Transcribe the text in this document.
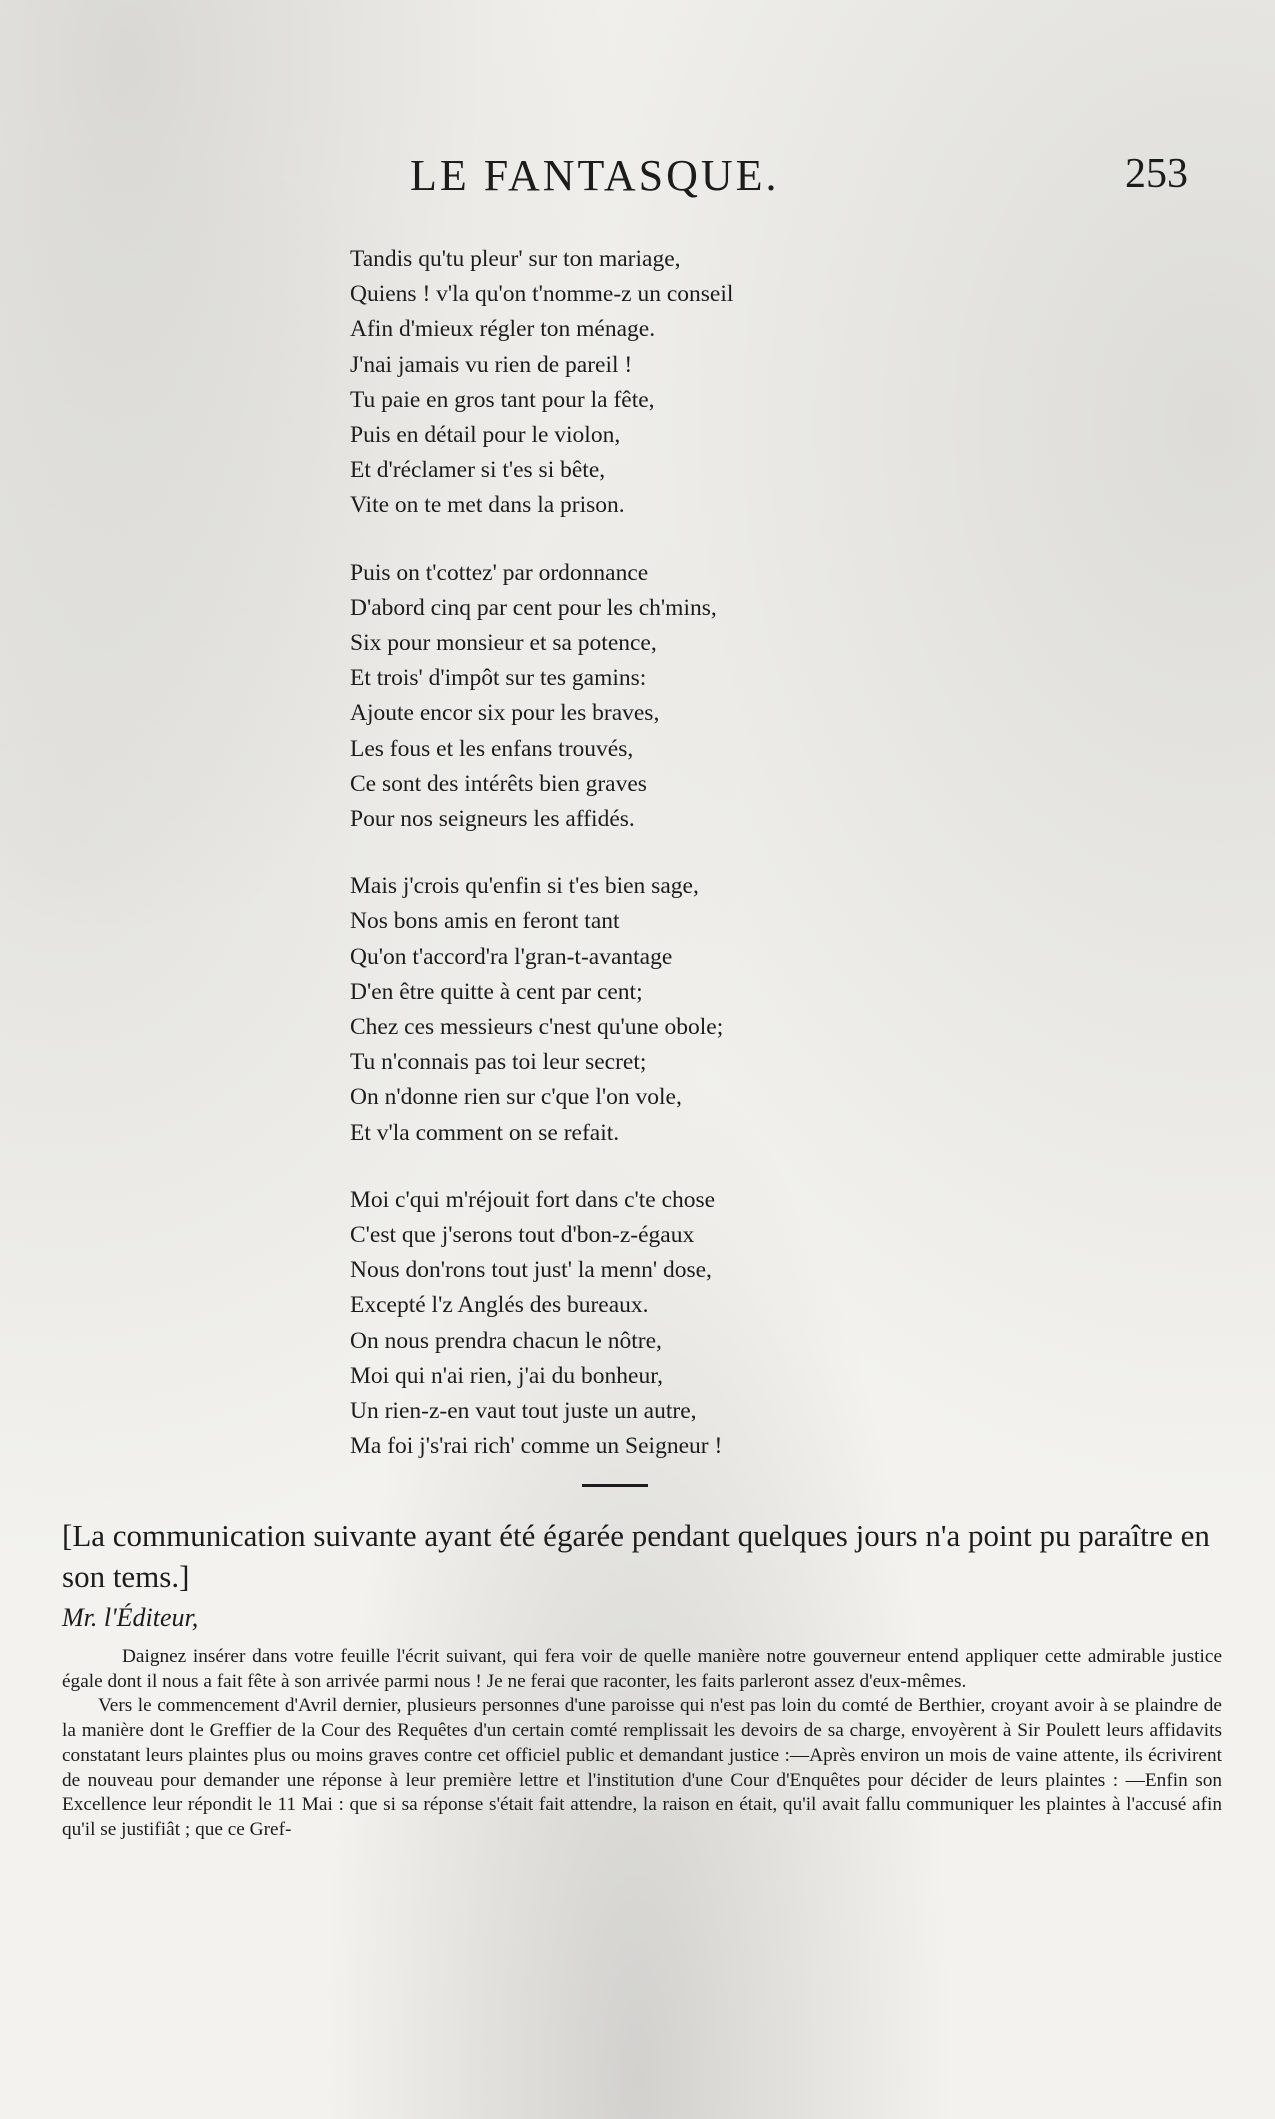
LE FANTASQUE.	253
Tandis qu'tu pleur' sur ton mariage,
Quiens ! v'la qu'on t'nomme-z un conseil
Afin d'mieux régler ton ménage.
J'nai jamais vu rien de pareil !
Tu paie en gros tant pour la fête,
Puis en détail pour le violon,
Et d'réclamer si t'es si bête,
Vite on te met dans la prison.
Puis on t'cottez' par ordonnance
D'abord cinq par cent pour les ch'mins,
Six pour monsieur et sa potence,
Et trois' d'impôt sur tes gamins:
Ajoute encor six pour les braves,
Les fous et les enfans trouvés,
Ce sont des intérêts bien graves
Pour nos seigneurs les affidés.
Mais j'crois qu'enfin si t'es bien sage,
Nos bons amis en feront tant
Qu'on t'accord'ra l'gran-t-avantage
D'en être quitte à cent par cent;
Chez ces messieurs c'nest qu'une obole;
Tu n'connais pas toi leur secret;
On n'donne rien sur c'que l'on vole,
Et v'la comment on se refait.
Moi c'qui m'réjouit fort dans c'te chose
C'est que j'serons tout d'bon-z-égaux
Nous don'rons tout just' la menn' dose,
Excepté l'z Anglés des bureaux.
On nous prendra chacun le nôtre,
Moi qui n'ai rien, j'ai du bonheur,
Un rien-z-en vaut tout juste un autre,
Ma foi j's'rai rich' comme un Seigneur !
[La communication suivante ayant été égarée pendant quelques jours n'a point pu paraître en son tems.]
Mr. l'Éditeur,

Daignez insérer dans votre feuille l'écrit suivant, qui fera voir de quelle manière notre gouverneur entend appliquer cette admirable justice égale dont il nous a fait fête à son arrivée parmi nous ! Je ne ferai que raconter, les faits parleront assez d'eux-mêmes.

Vers le commencement d'Avril dernier, plusieurs personnes d'une paroisse qui n'est pas loin du comté de Berthier, croyant avoir à se plaindre de la manière dont le Greffier de la Cour des Requêtes d'un certain comté remplissait les devoirs de sa charge, envoyèrent à Sir Poulett leurs affidavits constatant leurs plaintes plus ou moins graves contre cet officiel public et demandant justice :—Après environ un mois de vaine attente, ils écrivirent de nouveau pour demander une réponse à leur première lettre et l'institution d'une Cour d'Enquêtes pour décider de leurs plaintes : —Enfin son Excellence leur répondit le 11 Mai : que si sa réponse s'était fait attendre, la raison en était, qu'il avait fallu communiquer les plaintes à l'accusé afin qu'il se justifiât ; que ce Gref-
